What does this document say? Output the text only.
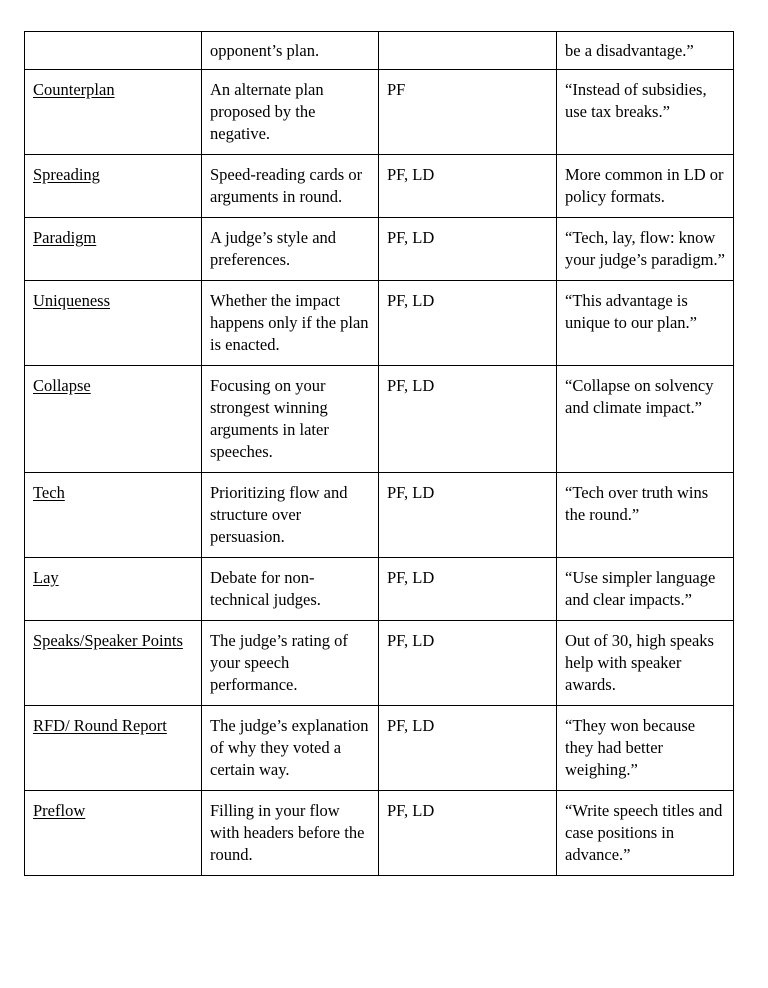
	opponent’s plan.		be a disadvantage.”
Counterplan	An alternate plan proposed by the negative.	PF	“Instead of subsidies, use tax breaks.”
Spreading	Speed-reading cards or arguments in round.	PF, LD	More common in LD or policy formats.
Paradigm	A judge’s style and preferences.	PF, LD	“Tech, lay, flow: know your judge’s paradigm.”
Uniqueness	Whether the impact happens only if the plan is enacted.	PF, LD	“This advantage is unique to our plan.”
Collapse	Focusing on your strongest winning arguments in later speeches.	PF, LD	“Collapse on solvency and climate impact.”
Tech	Prioritizing flow and structure over persuasion.	PF, LD	“Tech over truth wins the round.”
Lay	Debate for non-technical judges.	PF, LD	“Use simpler language and clear impacts.”
Speaks/Speaker Points	The judge’s rating of your speech performance.	PF, LD	Out of 30, high speaks help with speaker awards.
RFD/ Round Report	The judge’s explanation of why they voted a certain way.	PF, LD	“They won because they had better weighing.”
Preflow	Filling in your flow with headers before the round.	PF, LD	“Write speech titles and case positions in advance.”
